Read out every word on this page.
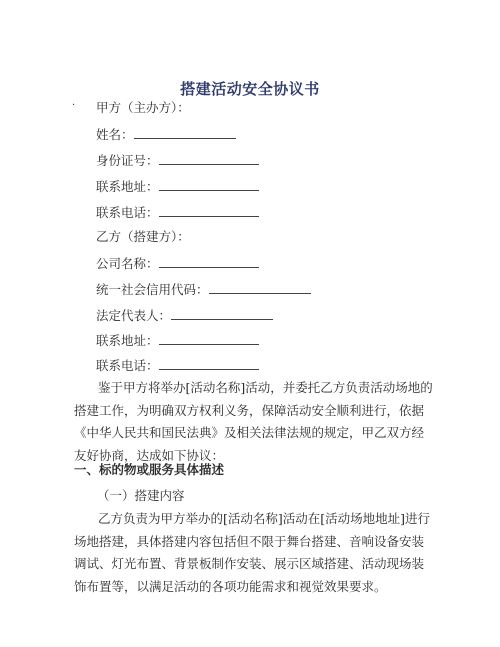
搭建活动安全协议书
· 甲方（主办方）：
姓名：
身份证号：
联系地址：
联系电话：
乙方（搭建方）：
公司名称：
统一社会信用代码：
法定代表人：
联系地址：
联系电话：
鉴于甲方将举办[活动名称]活动，并委托乙方负责活动场地的搭建工作，为明确双方权利义务，保障活动安全顺利进行，依据《中华人民共和国民法典》及相关法律法规的规定，甲乙双方经友好协商，达成如下协议：
一、标的物或服务具体描述
（一）搭建内容
乙方负责为甲方举办的[活动名称]活动在[活动场地地址]进行场地搭建，具体搭建内容包括但不限于舞台搭建、音响设备安装调试、灯光布置、背景板制作安装、展示区域搭建、活动现场装饰布置等，以满足活动的各项功能需求和视觉效果要求。
